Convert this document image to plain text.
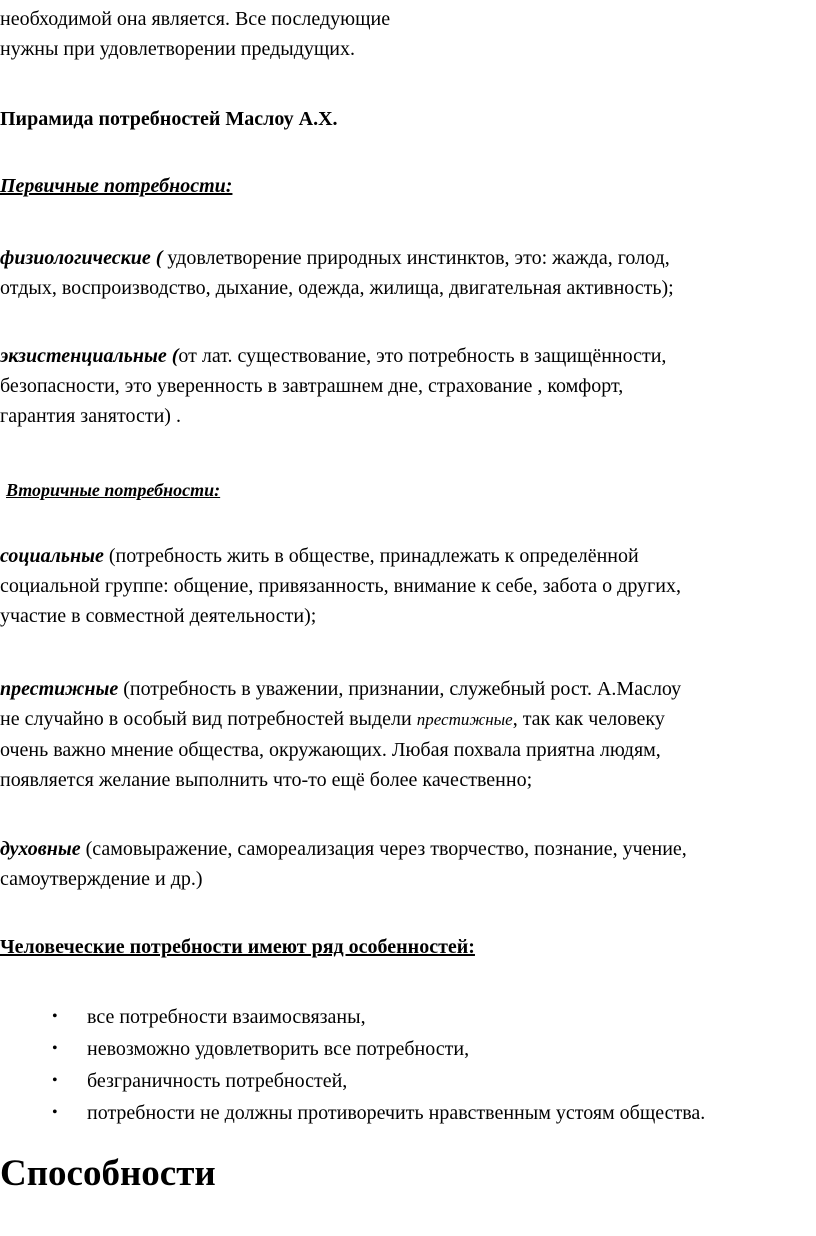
необходимой она является. Все последующие
нужны при удовлетворении предыдущих.

Пирамида потребностей Маслоу А.Х.

Первичные потребности:

физиологические ( удовлетворение природных инстинктов, это: жажда, голод,
отдых, воспроизводство, дыхание, одежда, жилища, двигательная активность);

экзистенциальные (от лат. существование, это потребность в защищённости,
безопасности, это уверенность в завтрашнем дне, страхование , комфорт,
гарантия занятости) .

Вторичные потребности:

социальные (потребность жить в обществе, принадлежать к определённой
социальной группе: общение, привязанность, внимание к себе, забота о других,
участие в совместной деятельности);

престижные (потребность в уважении, признании, служебный рост. А.Маслоу
не случайно в особый вид потребностей выдели престижные, так как человеку
очень важно мнение общества, окружающих. Любая похвала приятна людям,
появляется желание выполнить что-то ещё более качественно;

духовные (самовыражение, самореализация через творчество, познание, учение,
самоутверждение и др.)

Человеческие потребности имеют ряд особенностей:

• все потребности взаимосвязаны,
• невозможно удовлетворить все потребности,
• безграничность потребностей,
• потребности не должны противоречить нравственным устоям общества.
Способности
